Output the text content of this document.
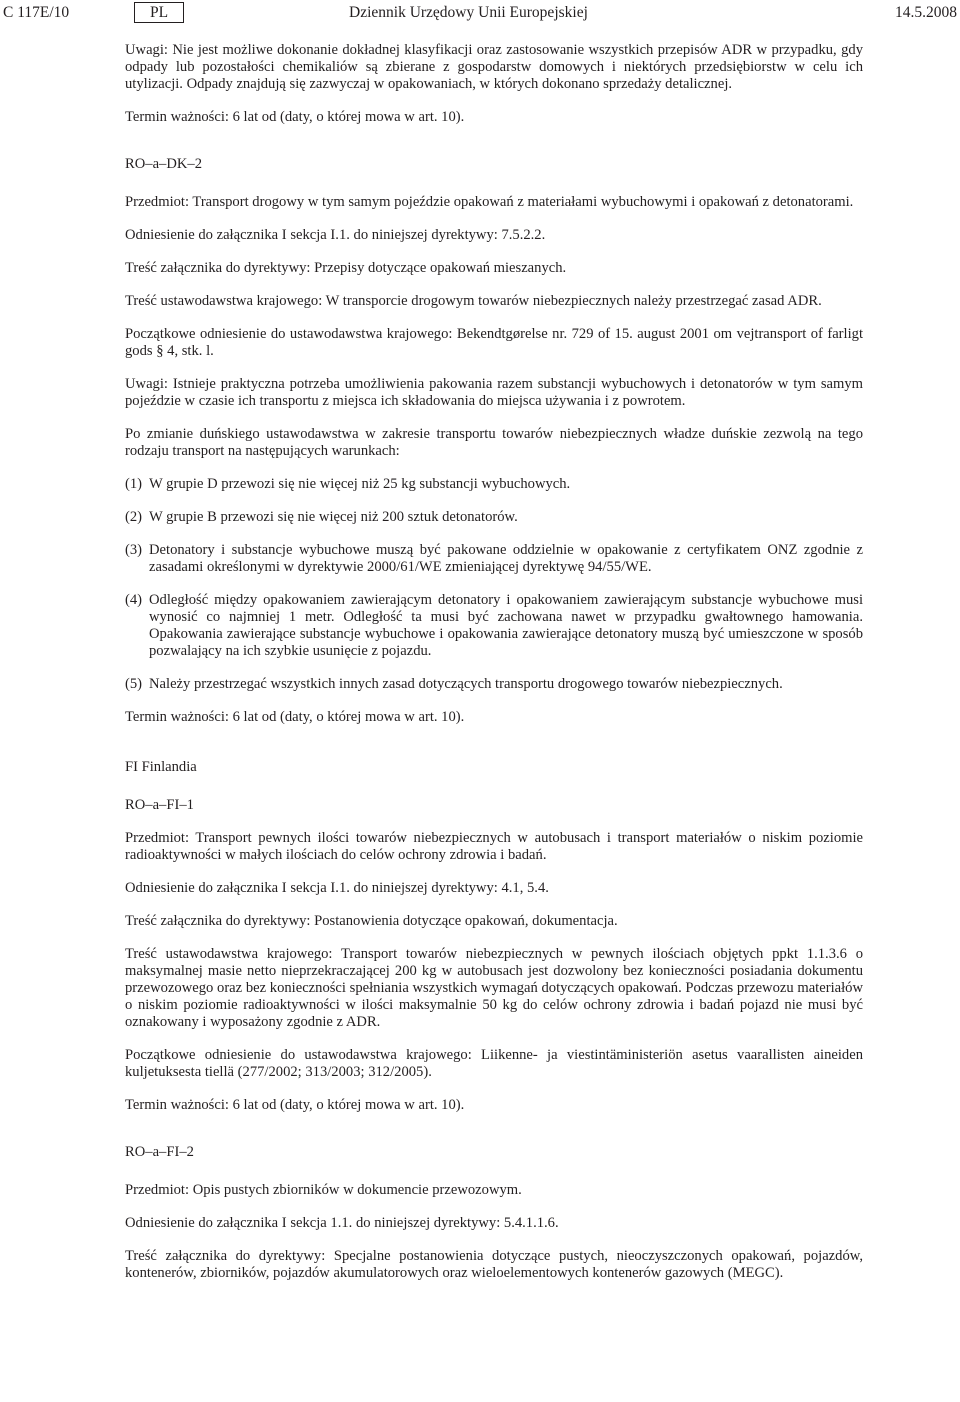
C 117E/10	PL	Dziennik Urzędowy Unii Europejskiej	14.5.2008

Uwagi: Nie jest możliwe dokonanie dokładnej klasyfikacji oraz zastosowanie wszystkich przepisów ADR w przypadku, gdy odpady lub pozostałości chemikaliów są zbierane z gospodarstw domowych i niektórych przedsiębiorstw w celu ich utylizacji. Odpady znajdują się zazwyczaj w opakowaniach, w których dokonano sprzedaży detalicznej.

Termin ważności: 6 lat od (daty, o której mowa w art. 10).

RO–a–DK–2

Przedmiot: Transport drogowy w tym samym pojeździe opakowań z materiałami wybuchowymi i opakowań z detonatorami.

Odniesienie do załącznika I sekcja I.1. do niniejszej dyrektywy: 7.5.2.2.

Treść załącznika do dyrektywy: Przepisy dotyczące opakowań mieszanych.

Treść ustawodawstwa krajowego: W transporcie drogowym towarów niebezpiecznych należy przestrzegać zasad ADR.

Początkowe odniesienie do ustawodawstwa krajowego: Bekendtgørelse nr. 729 of 15. august 2001 om vejtransport of farligt gods § 4, stk. l.

Uwagi: Istnieje praktyczna potrzeba umożliwienia pakowania razem substancji wybuchowych i detonatorów w tym samym pojeździe w czasie ich transportu z miejsca ich składowania do miejsca używania i z powrotem.

Po zmianie duńskiego ustawodawstwa w zakresie transportu towarów niebezpiecznych władze duńskie zezwolą na tego rodzaju transport na następujących warunkach:

(1) W grupie D przewozi się nie więcej niż 25 kg substancji wybuchowych.
(2) W grupie B przewozi się nie więcej niż 200 sztuk detonatorów.
(3) Detonatory i substancje wybuchowe muszą być pakowane oddzielnie w opakowanie z certyfikatem ONZ zgodnie z zasadami określonymi w dyrektywie 2000/61/WE zmieniającej dyrektywę 94/55/WE.
(4) Odległość między opakowaniem zawierającym detonatory i opakowaniem zawierającym substancje wybuchowe musi wynosić co najmniej 1 metr. Odległość ta musi być zachowana nawet w przypadku gwałtownego hamowania. Opakowania zawierające substancje wybuchowe i opakowania zawierające detonatory muszą być umieszczone w sposób pozwalający na ich szybkie usunięcie z pojazdu.
(5) Należy przestrzegać wszystkich innych zasad dotyczących transportu drogowego towarów niebezpiecznych.

Termin ważności: 6 lat od (daty, o której mowa w art. 10).

FI Finlandia

RO–a–FI–1

Przedmiot: Transport pewnych ilości towarów niebezpiecznych w autobusach i transport materiałów o niskim poziomie radioaktywności w małych ilościach do celów ochrony zdrowia i badań.

Odniesienie do załącznika I sekcja I.1. do niniejszej dyrektywy: 4.1, 5.4.

Treść załącznika do dyrektywy: Postanowienia dotyczące opakowań, dokumentacja.

Treść ustawodawstwa krajowego: Transport towarów niebezpiecznych w pewnych ilościach objętych ppkt 1.1.3.6 o maksymalnej masie netto nieprzekraczającej 200 kg w autobusach jest dozwolony bez konieczności posiadania dokumentu przewozowego oraz bez konieczności spełniania wszystkich wymagań dotyczących opakowań. Podczas przewozu materiałów o niskim poziomie radioaktywności w ilości maksymalnie 50 kg do celów ochrony zdrowia i badań pojazd nie musi być oznakowany i wyposażony zgodnie z ADR.

Początkowe odniesienie do ustawodawstwa krajowego: Liikenne- ja viestintäministeriön asetus vaarallisten aineiden kuljetuksesta tiellä (277/2002; 313/2003; 312/2005).

Termin ważności: 6 lat od (daty, o której mowa w art. 10).

RO–a–FI–2

Przedmiot: Opis pustych zbiorników w dokumencie przewozowym.

Odniesienie do załącznika I sekcja 1.1. do niniejszej dyrektywy: 5.4.1.1.6.

Treść załącznika do dyrektywy: Specjalne postanowienia dotyczące pustych, nieoczyszczonych opakowań, pojazdów, kontenerów, zbiorników, pojazdów akumulatorowych oraz wieloelementowych kontenerów gazowych (MEGC).
